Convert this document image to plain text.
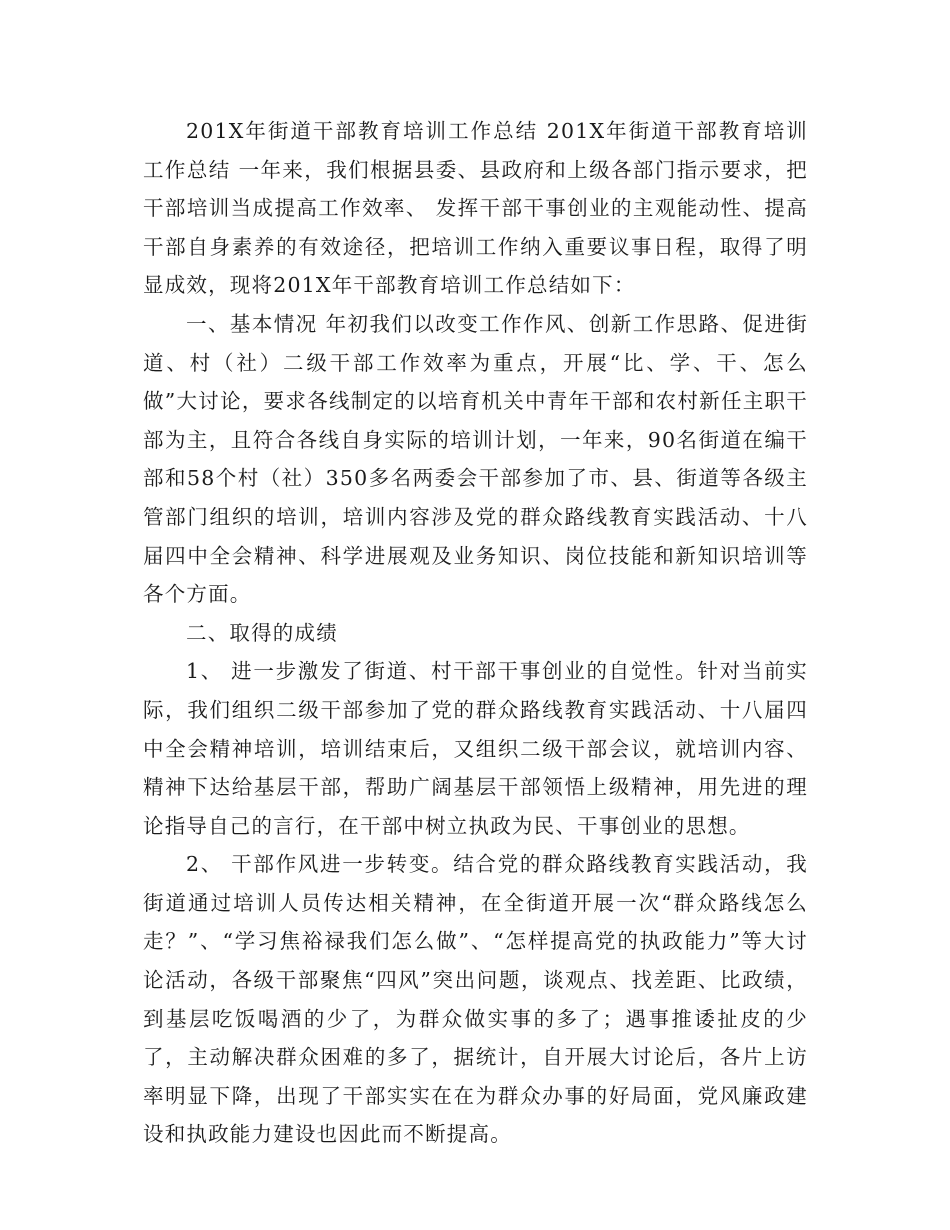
201X年街道干部教育培训工作总结 201X年街道干部教育培训工作总结 一年来，我们根据县委、县政府和上级各部门指示要求，把干部培训当成提高工作效率、 发挥干部干事创业的主观能动性、提高干部自身素养的有效途径，把培训工作纳入重要议事日程，取得了明显成效，现将201X年干部教育培训工作总结如下：

一、基本情况 年初我们以改变工作作风、创新工作思路、促进街道、村（社）二级干部工作效率为重点，开展“比、学、干、怎么做”大讨论，要求各线制定的以培育机关中青年干部和农村新任主职干部为主，且符合各线自身实际的培训计划，一年来，90名街道在编干部和58个村（社）350多名两委会干部参加了市、县、街道等各级主管部门组织的培训，培训内容涉及党的群众路线教育实践活动、十八届四中全会精神、科学进展观及业务知识、岗位技能和新知识培训等各个方面。

二、取得的成绩

1、 进一步激发了街道、村干部干事创业的自觉性。针对当前实际，我们组织二级干部参加了党的群众路线教育实践活动、十八届四中全会精神培训，培训结束后，又组织二级干部会议，就培训内容、精神下达给基层干部，帮助广阔基层干部领悟上级精神，用先进的理论指导自己的言行，在干部中树立执政为民、干事创业的思想。

2、 干部作风进一步转变。结合党的群众路线教育实践活动，我街道通过培训人员传达相关精神，在全街道开展一次“群众路线怎么走？”、“学习焦裕禄我们怎么做”、“怎样提高党的执政能力”等大讨论活动，各级干部聚焦“四风”突出问题，谈观点、找差距、比政绩，到基层吃饭喝酒的少了，为群众做实事的多了；遇事推诿扯皮的少了，主动解决群众困难的多了，据统计，自开展大讨论后，各片上访率明显下降，出现了干部实实在在为群众办事的好局面，党风廉政建设和执政能力建设也因此而不断提高。
